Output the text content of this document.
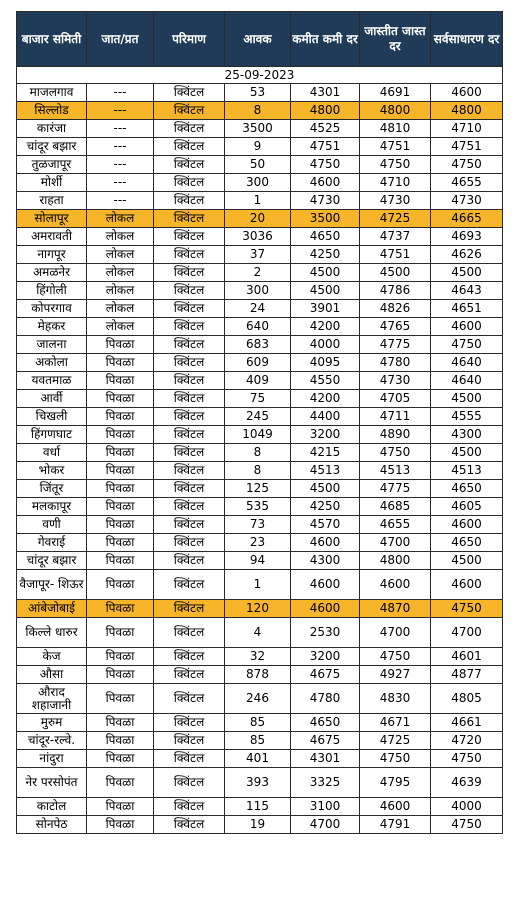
बाजार समिती	जात/प्रत	परिमाण	आवक	कमीत कमी दर	जास्तीत जास्त दर	सर्वसाधारण दर
25-09-2023						
माजलगाव	---	क्विंटल	53	4301	4691	4600
सिल्लोड	---	क्विंटल	8	4800	4800	4800
कारंजा	---	क्विंटल	3500	4525	4810	4710
चांदूर बझार	---	क्विंटल	9	4751	4751	4751
तुळजापूर	---	क्विंटल	50	4750	4750	4750
मोर्शी	---	क्विंटल	300	4600	4710	4655
राहता	---	क्विंटल	1	4730	4730	4730
सोलापूर	लोकल	क्विंटल	20	3500	4725	4665
अमरावती	लोकल	क्विंटल	3036	4650	4737	4693
नागपूर	लोकल	क्विंटल	37	4250	4751	4626
अमळनेर	लोकल	क्विंटल	2	4500	4500	4500
हिंगोली	लोकल	क्विंटल	300	4500	4786	4643
कोपरगाव	लोकल	क्विंटल	24	3901	4826	4651
मेहकर	लोकल	क्विंटल	640	4200	4765	4600
जालना	पिवळा	क्विंटल	683	4000	4775	4750
अकोला	पिवळा	क्विंटल	609	4095	4780	4640
यवतमाळ	पिवळा	क्विंटल	409	4550	4730	4640
आर्वी	पिवळा	क्विंटल	75	4200	4705	4500
चिखली	पिवळा	क्विंटल	245	4400	4711	4555
हिंगणघाट	पिवळा	क्विंटल	1049	3200	4890	4300
वर्धा	पिवळा	क्विंटल	8	4215	4750	4500
भोकर	पिवळा	क्विंटल	8	4513	4513	4513
जिंतूर	पिवळा	क्विंटल	125	4500	4775	4650
मलकापूर	पिवळा	क्विंटल	535	4250	4685	4605
वणी	पिवळा	क्विंटल	73	4570	4655	4600
गेवराई	पिवळा	क्विंटल	23	4600	4700	4650
चांदूर बझार	पिवळा	क्विंटल	94	4300	4800	4500
वैजापूर- शिऊर	पिवळा	क्विंटल	1	4600	4600	4600
आंबेजोबाई	पिवळा	क्विंटल	120	4600	4870	4750
किल्ले धारुर	पिवळा	क्विंटल	4	2530	4700	4700
केज	पिवळा	क्विंटल	32	3200	4750	4601
औसा	पिवळा	क्विंटल	878	4675	4927	4877
औराद शहाजानी	पिवळा	क्विंटल	246	4780	4830	4805
मुरुम	पिवळा	क्विंटल	85	4650	4671	4661
चांदूर-रल्वे.	पिवळा	क्विंटल	85	4675	4725	4720
नांदुरा	पिवळा	क्विंटल	401	4301	4750	4750
नेर परसोपंत	पिवळा	क्विंटल	393	3325	4795	4639
काटोल	पिवळा	क्विंटल	115	3100	4600	4000
सोनपेठ	पिवळा	क्विंटल	19	4700	4791	4750
